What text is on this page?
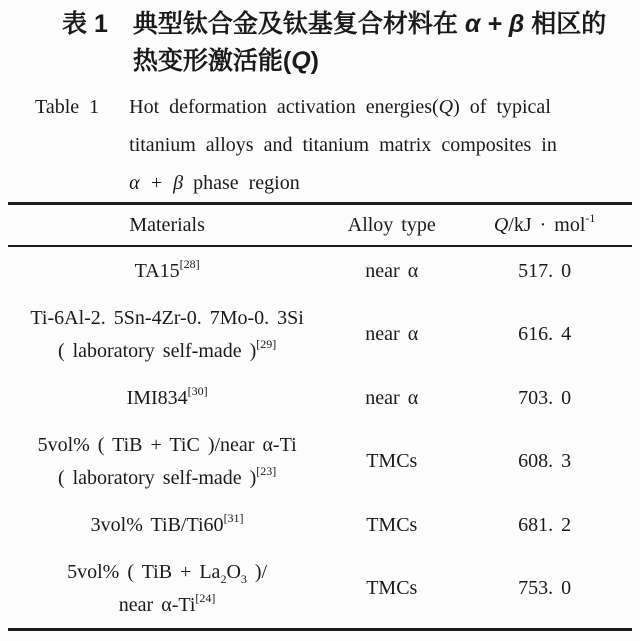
表 1 典型钛合金及钛基复合材料在 α + β 相区的
热变形激活能(Q)
Table 1 Hot deformation activation energies(Q) of typical
titanium alloys and titanium matrix composites in
α + β phase region
Materials	Alloy type	Q/kJ · mol$^{-1}$
TA15[28]	near α	517. 0

Ti-6Al-2. 5Sn-4Zr-0. 7Mo-0. 3Si
( laboratory self-made )[29]	near α	616. 4
IMI834[30]	near α	703. 0

5vol% ( TiB + TiC )/near α-Ti
( laboratory self-made )[23]	TMCs	608. 3
3vol% TiB/Ti60[31]	TMCs	681. 2

5vol% ( TiB + $La_2O_3$ )/
near α-Ti[24]	TMCs	753. 0
